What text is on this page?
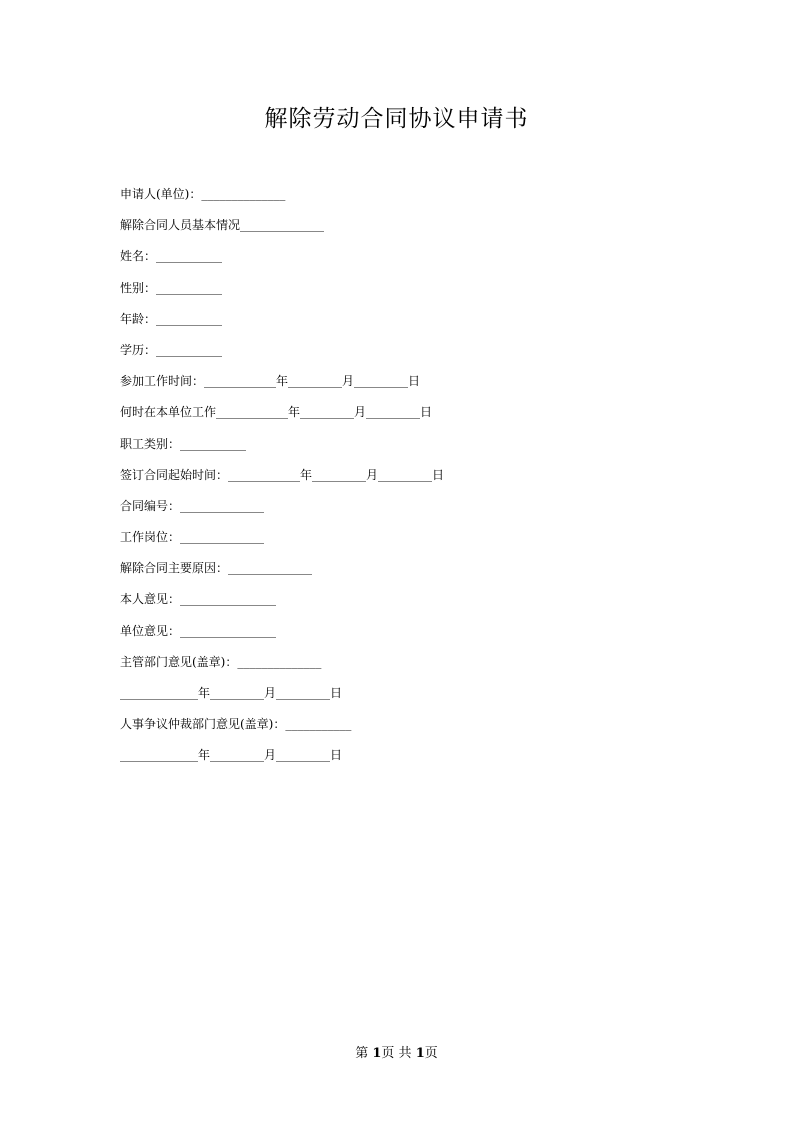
解除劳动合同协议申请书
申请人(单位)：______________
解除合同人员基本情况______________
姓名：___________
性别：___________
年龄：___________
学历：___________
参加工作时间：____________年_________月_________日
何时在本单位工作____________年_________月_________日
职工类别：___________
签订合同起始时间：____________年_________月_________日
合同编号：______________
工作岗位：______________
解除合同主要原因：______________
本人意见：________________
单位意见：________________
主管部门意见(盖章)：______________
_____________年_________月_________日
人事争议仲裁部门意见(盖章)：___________
_____________年_________月_________日
第 1页 共 1页
